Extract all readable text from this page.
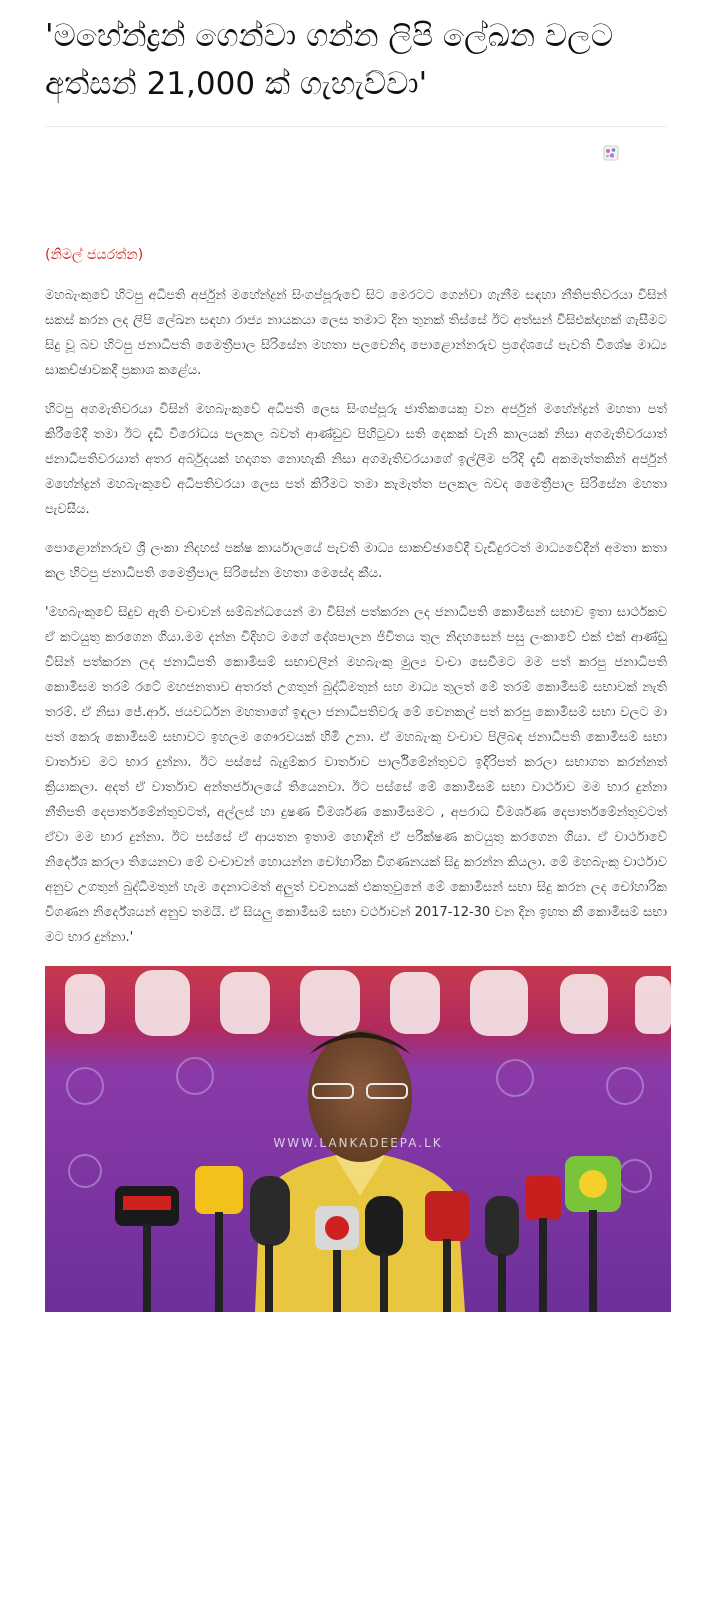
'මහේන්ද්‍රන් ගෙන්වා ගන්න ලිපි ලේඛන වලට අත්සන් 21,000 ක් ගැහැව්වා'

(නිමල් ජයරත්න)

මහබැංකුවේ හිටපු අධිපති අර්ජුන් මහේන්ද්‍රන් සිංගප්පූරුවේ සිට මෙරටට ගෙන්වා ගැනීම සඳහා නීතිපතිවරයා විසින් සකස් කරන ලද ලිපි ලේඛන සඳහා රාජ්‍ය නායකයා ලෙස තමාට දින තුනක් තිස්සේ ඊට අත්සන් විසිඑක්දාහක් ගැසීමට සිදු වූ බව හිටපු ජනාධිපති මෛත්‍රීපාල සිරිසේන මහතා පලවෙනිදා පොළොන්නරුව ප්‍රදේශයේ පැවති විශේෂ මාධ්‍ය සාකච්ඡාවකදී ප්‍රකාශ කළේය.

හිටපු අගමැතිවරයා විසින් මහබැංකුවේ අධිපති ලෙස සිංගප්පූරු ජාතිකයෙකු වන අර්ජුන් මහේන්ද්‍රන් මහතා පත් කිරීමේදී තමා ඊට දැඩි විරෝධය පලකල බවත් ආණ්ඩුව පිහිටුවා සති දෙකක් වැනි කාලයක් නිසා අගමැතිවරයාත් ජනාධිපතිවරයාත් අතර අර්බුදයක් හදාගත නොහැකි නිසා අගමැතිවරයාගේ ඉල්ලීම පරිදි දැඩි අකමැත්තකින් අර්ජුන් මහේන්ද්‍රන් මහබැංකුවේ අධිපතිවරයා ලෙස පත් කිරීමට තමා කැමැත්ත පලකල බවද මෛත්‍රීපාල සිරිසේන මහතා පැවසීය.

පොළොන්නරුව ශ්‍රී ලංකා නිදහස් පක්ෂ කාර්යාලයේ පැවති මාධ්‍ය සාකච්ඡාවේදී වැඩිදුරටත් මාධ්‍යවේදීන් අමතා කතා කල හිටපු ජනාධිපති මෛත්‍රීපාල සිරිසේන මහතා මෙසේද කීය.

'මහබැංකුවේ සිදුව ඇති වංචාවන් සම්බන්ධයෙන් මා විසින් පත්කරන ලද ජනාධිපති කොමිසන් සභාව ඉතා සාර්ථකව ඒ කටයුතු කරගෙන ගියා.මම දන්න විදිහට මගේ දේශපාලන ජිවිතය තුල නිදහසෙන් පසු ලංකාවේ එක් එක් ආණ්ඩු විසින් පත්කරන ලද ජනාධිපති කොමිසම් සභාවලින් මහබැංකු මුල්‍ය වංචා සෙවීමට මම පත් කරපු ජනාධිපති කොමිසම තරම් රටේ මහජනතාව අතරත් උගතුන් බුද්ධිමතුන් සහ මාධ්‍ය තුලත් මේ තරම් කොමිසම් සභාවක් නැති තරම්. ඒ නිසා ජේ.ආර්. ජයවර්ධන මහතාගේ ඉඳලා ජනාධිපතිවරු මේ වෙනකල් පත් කරපු කොමිසම් සභා වලට මා පත් කෙරු කොමිසම් සභාවට ඉහලම ගෞරවයක් හිමි උනා. ඒ මහබැංකු වංචාව පිලිබඳ ජනාධිපති කොමිසම් සභා වාර්තාව මට භාර දුන්නා. ඊට පස්සේ බැදුම්කර වාර්තාව පාර්ලිමේන්තුවට ඉදිරිපත් කරලා සභාගත කරන්නත් ක්‍රියාකලා. අදත් ඒ වාර්තාව අන්තර්ජාලයේ තියෙනවා. ඊට පස්සේ මේ කොමිසම් සභා වාර්ථාව මම භාර දුන්නා නීතිපති දෙපාර්තමේන්තුවටත්, අල්ලස් හා දුෂණ විමර්ශණ කොමිසමට , අපරාධ විමර්ශණ දෙපාර්තමේන්තුවටත් ඒවා මම භාර දුන්නා. ඊට පස්සේ ඒ ආයතන ඉතාම හොඳින් ඒ පරීක්ෂණ කටයුතු කරගෙන ගියා. ඒ වාර්ථාවේ නිර්දේශ කරලා තියෙනවා මේ වංචාවන් හොයන්න චෝහාරික විගණනයක් සිදු කරන්න කියලා. මේ මහබැංකු වාර්ථාව අනුව උගතුන් බුද්ධිමතුන් හැම දෙනාටමත් අලුත් වචනයක් එකතුවුනේ මේ කොමිසන් සභා සිදු කරන ලද චෝහාරික විගණන නිර්දේශයන් අනුව තමයි. ඒ සියලු කොමිසම් සභා වර්ථාවන් 2017-12-30 වන දින ඉහත කී කොමිසම් සභා මට භාර දුන්නා.'

WWW.LANKADEEPA.LK
